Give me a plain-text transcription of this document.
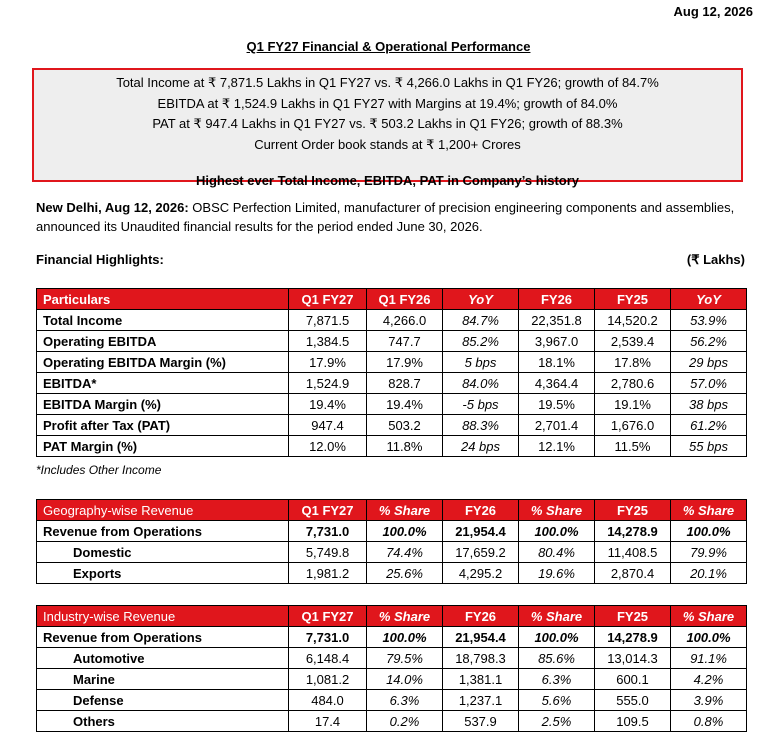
Aug 12, 2026
Q1 FY27 Financial & Operational Performance
Total Income at ₹ 7,871.5 Lakhs in Q1 FY27 vs. ₹ 4,266.0 Lakhs in Q1 FY26; growth of 84.7%
EBITDA at ₹ 1,524.9 Lakhs in Q1 FY27 with Margins at 19.4%; growth of 84.0%
PAT at ₹ 947.4 Lakhs in Q1 FY27 vs. ₹ 503.2 Lakhs in Q1 FY26; growth of 88.3%
Current Order book stands at ₹ 1,200+ Crores
Highest ever Total Income, EBITDA, PAT in Company’s history
New Delhi, Aug 12, 2026: OBSC Perfection Limited, manufacturer of precision engineering components and assemblies, announced its Unaudited financial results for the period ended June 30, 2026.
Financial Highlights:	(₹ Lakhs)
Particulars	Q1 FY27	Q1 FY26	YoY	FY26	FY25	YoY
Total Income	7,871.5	4,266.0	84.7%	22,351.8	14,520.2	53.9%
Operating EBITDA	1,384.5	747.7	85.2%	3,967.0	2,539.4	56.2%
Operating EBITDA Margin (%)	17.9%	17.9%	5 bps	18.1%	17.8%	29 bps
EBITDA*	1,524.9	828.7	84.0%	4,364.4	2,780.6	57.0%
EBITDA Margin (%)	19.4%	19.4%	-5 bps	19.5%	19.1%	38 bps
Profit after Tax (PAT)	947.4	503.2	88.3%	2,701.4	1,676.0	61.2%
PAT Margin (%)	12.0%	11.8%	24 bps	12.1%	11.5%	55 bps
*Includes Other Income
Geography-wise Revenue	Q1 FY27	% Share	FY26	% Share	FY25	% Share
Revenue from Operations	7,731.0	100.0%	21,954.4	100.0%	14,278.9	100.0%
Domestic	5,749.8	74.4%	17,659.2	80.4%	11,408.5	79.9%
Exports	1,981.2	25.6%	4,295.2	19.6%	2,870.4	20.1%
Industry-wise Revenue	Q1 FY27	% Share	FY26	% Share	FY25	% Share
Revenue from Operations	7,731.0	100.0%	21,954.4	100.0%	14,278.9	100.0%
Automotive	6,148.4	79.5%	18,798.3	85.6%	13,014.3	91.1%
Marine	1,081.2	14.0%	1,381.1	6.3%	600.1	4.2%
Defense	484.0	6.3%	1,237.1	5.6%	555.0	3.9%
Others	17.4	0.2%	537.9	2.5%	109.5	0.8%
